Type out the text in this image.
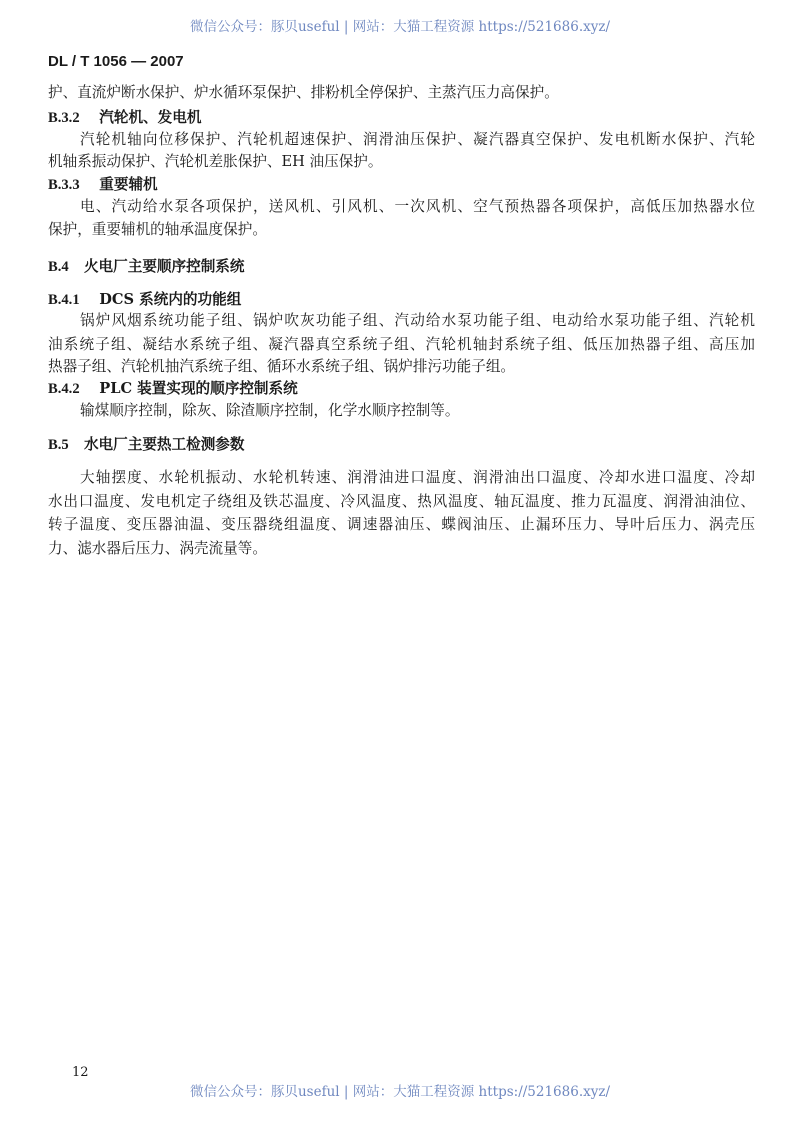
微信公众号：豚贝useful | 网站：大猫工程资源 https://521686.xyz/
DL / T 1056 — 2007
护、直流炉断水保护、炉水循环泵保护、排粉机全停保护、主蒸汽压力高保护。
B.3.2 汽轮机、发电机
汽轮机轴向位移保护、汽轮机超速保护、润滑油压保护、凝汽器真空保护、发电机断水保护、汽轮
机轴系振动保护、汽轮机差胀保护、EH 油压保护。
B.3.3 重要辅机
电、汽动给水泵各项保护，送风机、引风机、一次风机、空气预热器各项保护，高低压加热器水位
保护，重要辅机的轴承温度保护。
B.4 火电厂主要顺序控制系统
B.4.1 DCS 系统内的功能组
锅炉风烟系统功能子组、锅炉吹灰功能子组、汽动给水泵功能子组、电动给水泵功能子组、汽轮机
油系统子组、凝结水系统子组、凝汽器真空系统子组、汽轮机轴封系统子组、低压加热器子组、高压加
热器子组、汽轮机抽汽系统子组、循环水系统子组、锅炉排污功能子组。
B.4.2 PLC 装置实现的顺序控制系统
输煤顺序控制，除灰、除渣顺序控制，化学水顺序控制等。
B.5 水电厂主要热工检测参数
大轴摆度、水轮机振动、水轮机转速、润滑油进口温度、润滑油出口温度、冷却水进口温度、冷却
水出口温度、发电机定子绕组及铁芯温度、冷风温度、热风温度、轴瓦温度、推力瓦温度、润滑油油位、
转子温度、变压器油温、变压器绕组温度、调速器油压、蝶阀油压、止漏环压力、导叶后压力、涡壳压
力、滤水器后压力、涡壳流量等。
12
微信公众号：豚贝useful | 网站：大猫工程资源 https://521686.xyz/
